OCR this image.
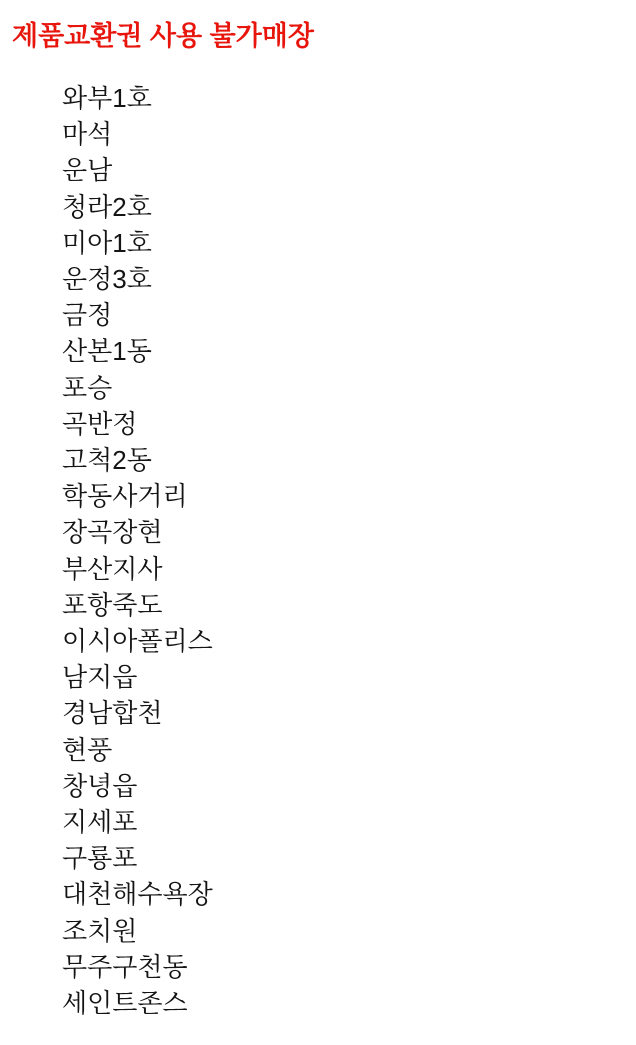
제품교환권 사용 불가매장
와부1호
마석
운남
청라2호
미아1호
운정3호
금정
산본1동
포승
곡반정
고척2동
학동사거리
장곡장현
부산지사
포항죽도
이시아폴리스
남지읍
경남합천
현풍
창녕읍
지세포
구룡포
대천해수욕장
조치원
무주구천동
세인트존스
